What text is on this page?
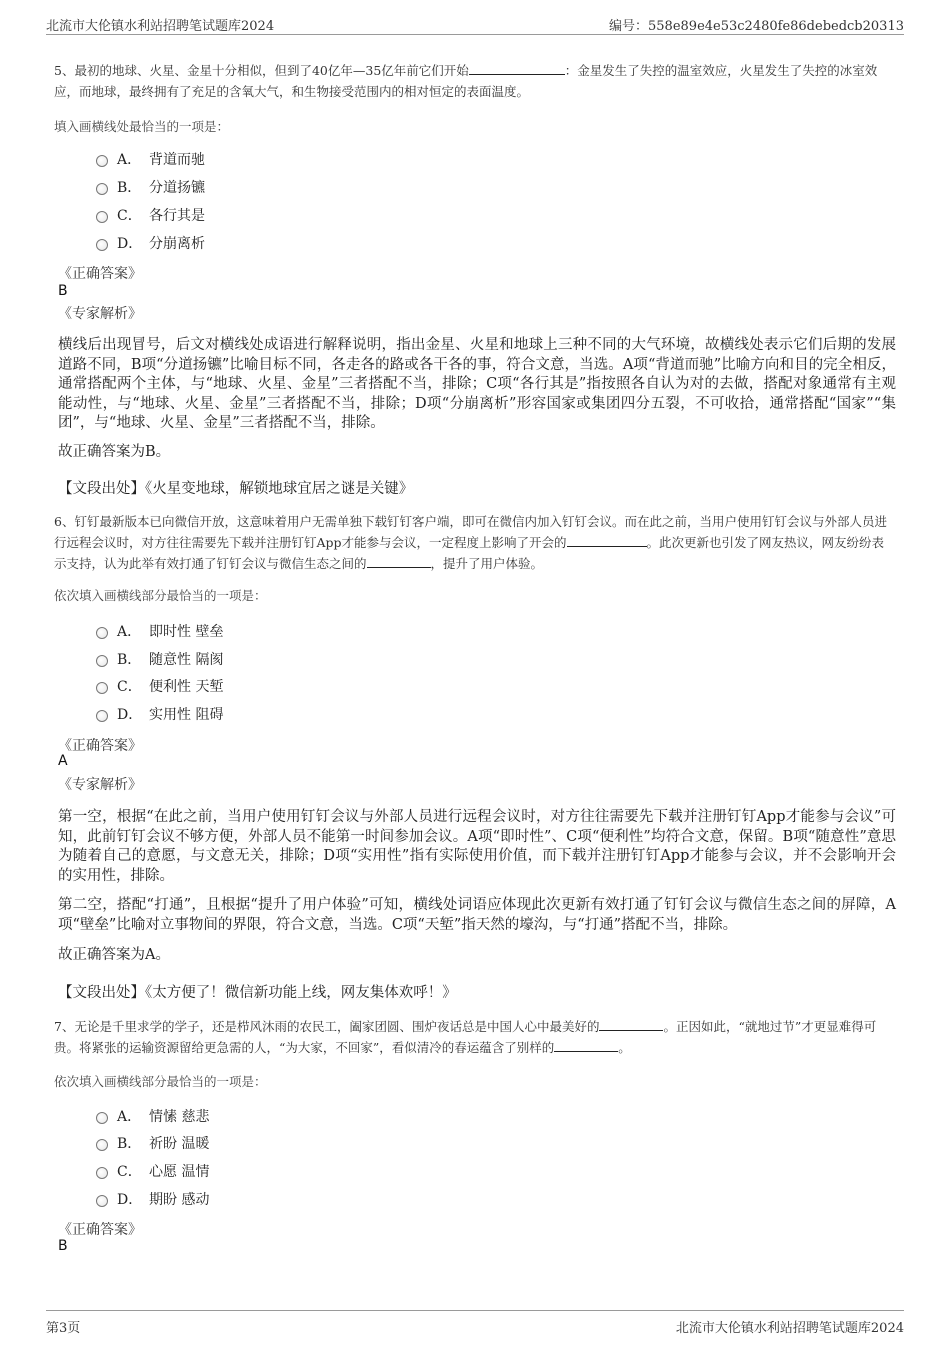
北流市大伦镇水利站招聘笔试题库2024	编号：558e89e4e53c2480fe86debedcb20313
5、最初的地球、火星、金星十分相似，但到了40亿年—35亿年前它们开始	：金星发生了失控的温室效应，火星发生了失控的冰室效应，而地球，最终拥有了充足的含氧大气，和生物接受范围内的相对恒定的表面温度。
填入画横线处最恰当的一项是：
A． 背道而驰
B． 分道扬镳
C． 各行其是
D． 分崩离析
《正确答案》
B
《专家解析》
横线后出现冒号，后文对横线处成语进行解释说明，指出金星、火星和地球上三种不同的大气环境，故横线处表示它们后期的发展道路不同，B项“分道扬镳”比喻目标不同，各走各的路或各干各的事，符合文意，当选。A项“背道而驰”比喻方向和目的完全相反，通常搭配两个主体，与“地球、火星、金星”三者搭配不当，排除；C项“各行其是”指按照各自认为对的去做，搭配对象通常有主观能动性，与“地球、火星、金星”三者搭配不当，排除；D项“分崩离析”形容国家或集团四分五裂，不可收拾，通常搭配“国家”“集团”，与“地球、火星、金星”三者搭配不当，排除。
故正确答案为B。
【文段出处】《火星变地球，解锁地球宜居之谜是关键》
6、钉钉最新版本已向微信开放，这意味着用户无需单独下载钉钉客户端，即可在微信内加入钉钉会议。而在此之前，当用户使用钉钉会议与外部人员进行远程会议时，对方往往需要先下载并注册钉钉App才能参与会议，一定程度上影响了开会的	。此次更新也引发了网友热议，网友纷纷表示支持，认为此举有效打通了钉钉会议与微信生态之间的	，提升了用户体验。
依次填入画横线部分最恰当的一项是：
A． 即时性 壁垒
B． 随意性 隔阂
C． 便利性 天堑
D． 实用性 阻碍
《正确答案》
A
《专家解析》
第一空，根据“在此之前，当用户使用钉钉会议与外部人员进行远程会议时，对方往往需要先下载并注册钉钉App才能参与会议”可知，此前钉钉会议不够方便，外部人员不能第一时间参加会议。A项“即时性”、C项“便利性”均符合文意，保留。B项“随意性”意思为随着自己的意愿，与文意无关，排除；D项“实用性”指有实际使用价值，而下载并注册钉钉App才能参与会议，并不会影响开会的实用性，排除。
第二空，搭配“打通”，且根据“提升了用户体验”可知，横线处词语应体现此次更新有效打通了钉钉会议与微信生态之间的屏障，A项“壁垒”比喻对立事物间的界限，符合文意，当选。C项“天堑”指天然的壕沟，与“打通”搭配不当，排除。
故正确答案为A。
【文段出处】《太方便了！微信新功能上线，网友集体欢呼！》
7、无论是千里求学的学子，还是栉风沐雨的农民工，阖家团圆、围炉夜话总是中国人心中最美好的	。正因如此，“就地过节”才更显难得可贵。将紧张的运输资源留给更急需的人，“为大家，不回家”，看似清冷的春运蕴含了别样的	。
依次填入画横线部分最恰当的一项是：
A． 情愫 慈悲
B． 祈盼 温暖
C． 心愿 温情
D． 期盼 感动
《正确答案》
B
第3页	北流市大伦镇水利站招聘笔试题库2024
